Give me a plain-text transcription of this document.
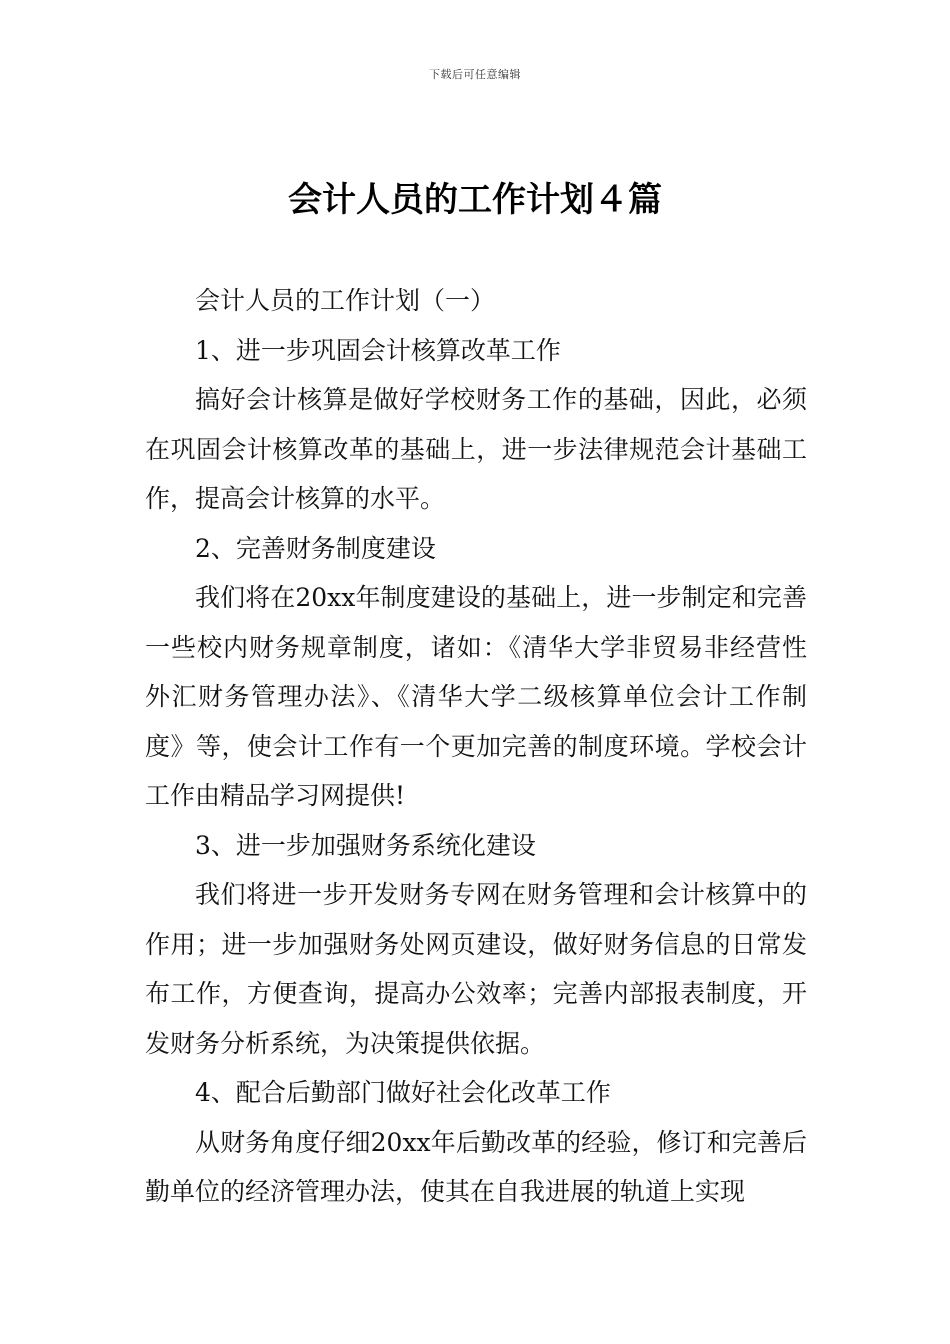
下载后可任意编辑
会计人员的工作计划４篇

会计人员的工作计划（一）

1、进一步巩固会计核算改革工作

搞好会计核算是做好学校财务工作的基础，因此，必须在巩固会计核算改革的基础上，进一步法律规范会计基础工作，提高会计核算的水平。

2、完善财务制度建设

我们将在20xx年制度建设的基础上，进一步制定和完善一些校内财务规章制度，诸如：《清华大学非贸易非经营性外汇财务管理办法》、《清华大学二级核算单位会计工作制度》等，使会计工作有一个更加完善的制度环境。学校会计工作由精品学习网提供!

3、进一步加强财务系统化建设

我们将进一步开发财务专网在财务管理和会计核算中的作用；进一步加强财务处网页建设，做好财务信息的日常发布工作，方便查询，提高办公效率；完善内部报表制度，开发财务分析系统，为决策提供依据。

4、配合后勤部门做好社会化改革工作

从财务角度仔细20xx年后勤改革的经验，修订和完善后勤单位的经济管理办法，使其在自我进展的轨道上实现
